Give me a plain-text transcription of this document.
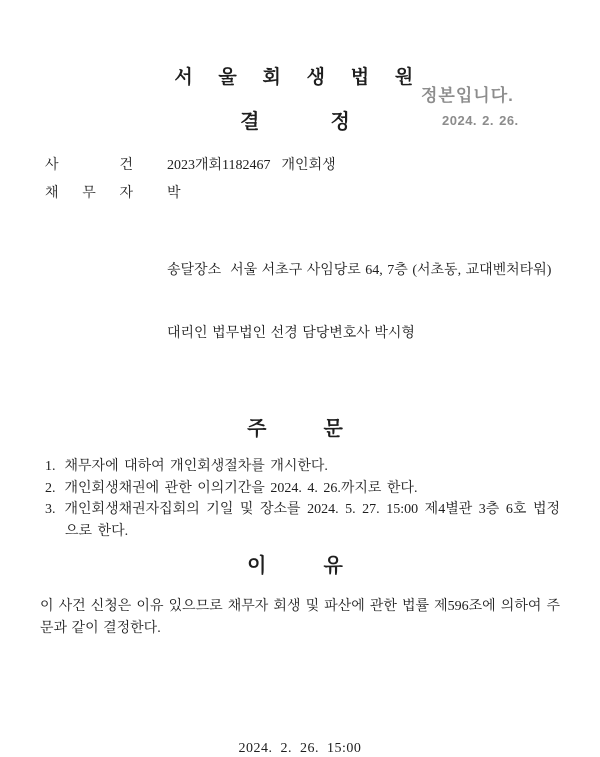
서 울 회 생 법 원
정본입니다.
2024. 2. 26.
결 정
사 건 2023개회1182467  개인회생
채 무 자 박

송달장소  서울 서초구 사임당로 64, 7층 (서초동, 교대벤처타워)

대리인 법무법인 선경 담당변호사 박시형

주 문
1. 채무자에 대하여 개인회생절차를 개시한다.
2. 개인회생채권에 관한 이의기간을 2024. 4. 26.까지로 한다.
3. 개인회생채권자집회의 기일 및 장소를 2024. 5. 27. 15:00 제4별관 3층 6호 법정으로 한다.
이 유

이 사건 신청은 이유 있으므로 채무자 회생 및 파산에 관한 법률 제596조에 의하여 주문과 같이 결정한다.

2024. 2. 26. 15:00
